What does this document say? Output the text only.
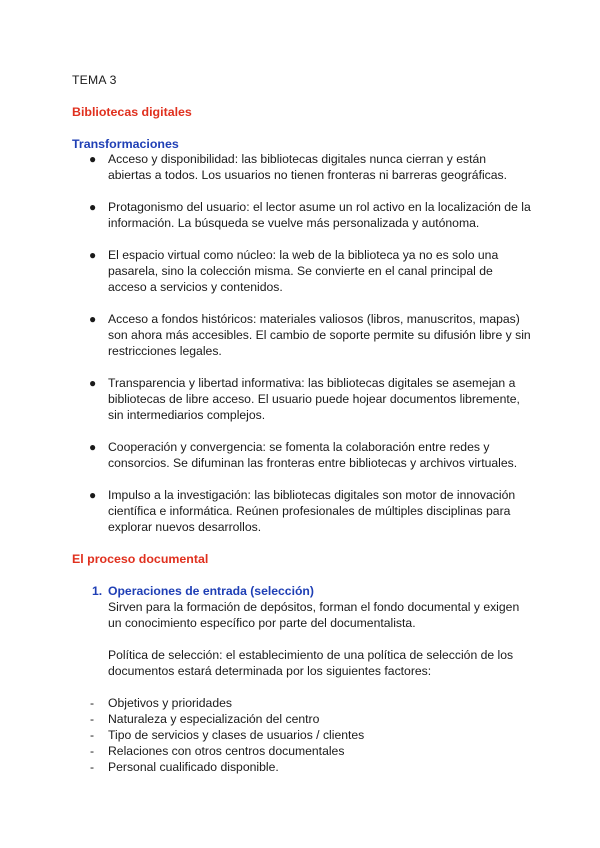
TEMA 3
Bibliotecas digitales
Transformaciones
● Acceso y disponibilidad: las bibliotecas digitales nunca cierran y están abiertas a todos. Los usuarios no tienen fronteras ni barreras geográficas.
● Protagonismo del usuario: el lector asume un rol activo en la localización de la información. La búsqueda se vuelve más personalizada y autónoma.
● El espacio virtual como núcleo: la web de la biblioteca ya no es solo una pasarela, sino la colección misma. Se convierte en el canal principal de acceso a servicios y contenidos.
● Acceso a fondos históricos: materiales valiosos (libros, manuscritos, mapas) son ahora más accesibles. El cambio de soporte permite su difusión libre y sin restricciones legales.
● Transparencia y libertad informativa: las bibliotecas digitales se asemejan a bibliotecas de libre acceso. El usuario puede hojear documentos libremente, sin intermediarios complejos.
● Cooperación y convergencia: se fomenta la colaboración entre redes y consorcios. Se difuminan las fronteras entre bibliotecas y archivos virtuales.
● Impulso a la investigación: las bibliotecas digitales son motor de innovación científica e informática. Reúnen profesionales de múltiples disciplinas para explorar nuevos desarrollos.
El proceso documental
1. Operaciones de entrada (selección)
Sirven para la formación de depósitos, forman el fondo documental y exigen un conocimiento específico por parte del documentalista.
Política de selección: el establecimiento de una política de selección de los documentos estará determinada por los siguientes factores:
- Objetivos y prioridades
- Naturaleza y especialización del centro
- Tipo de servicios y clases de usuarios / clientes
- Relaciones con otros centros documentales
- Personal cualificado disponible.
